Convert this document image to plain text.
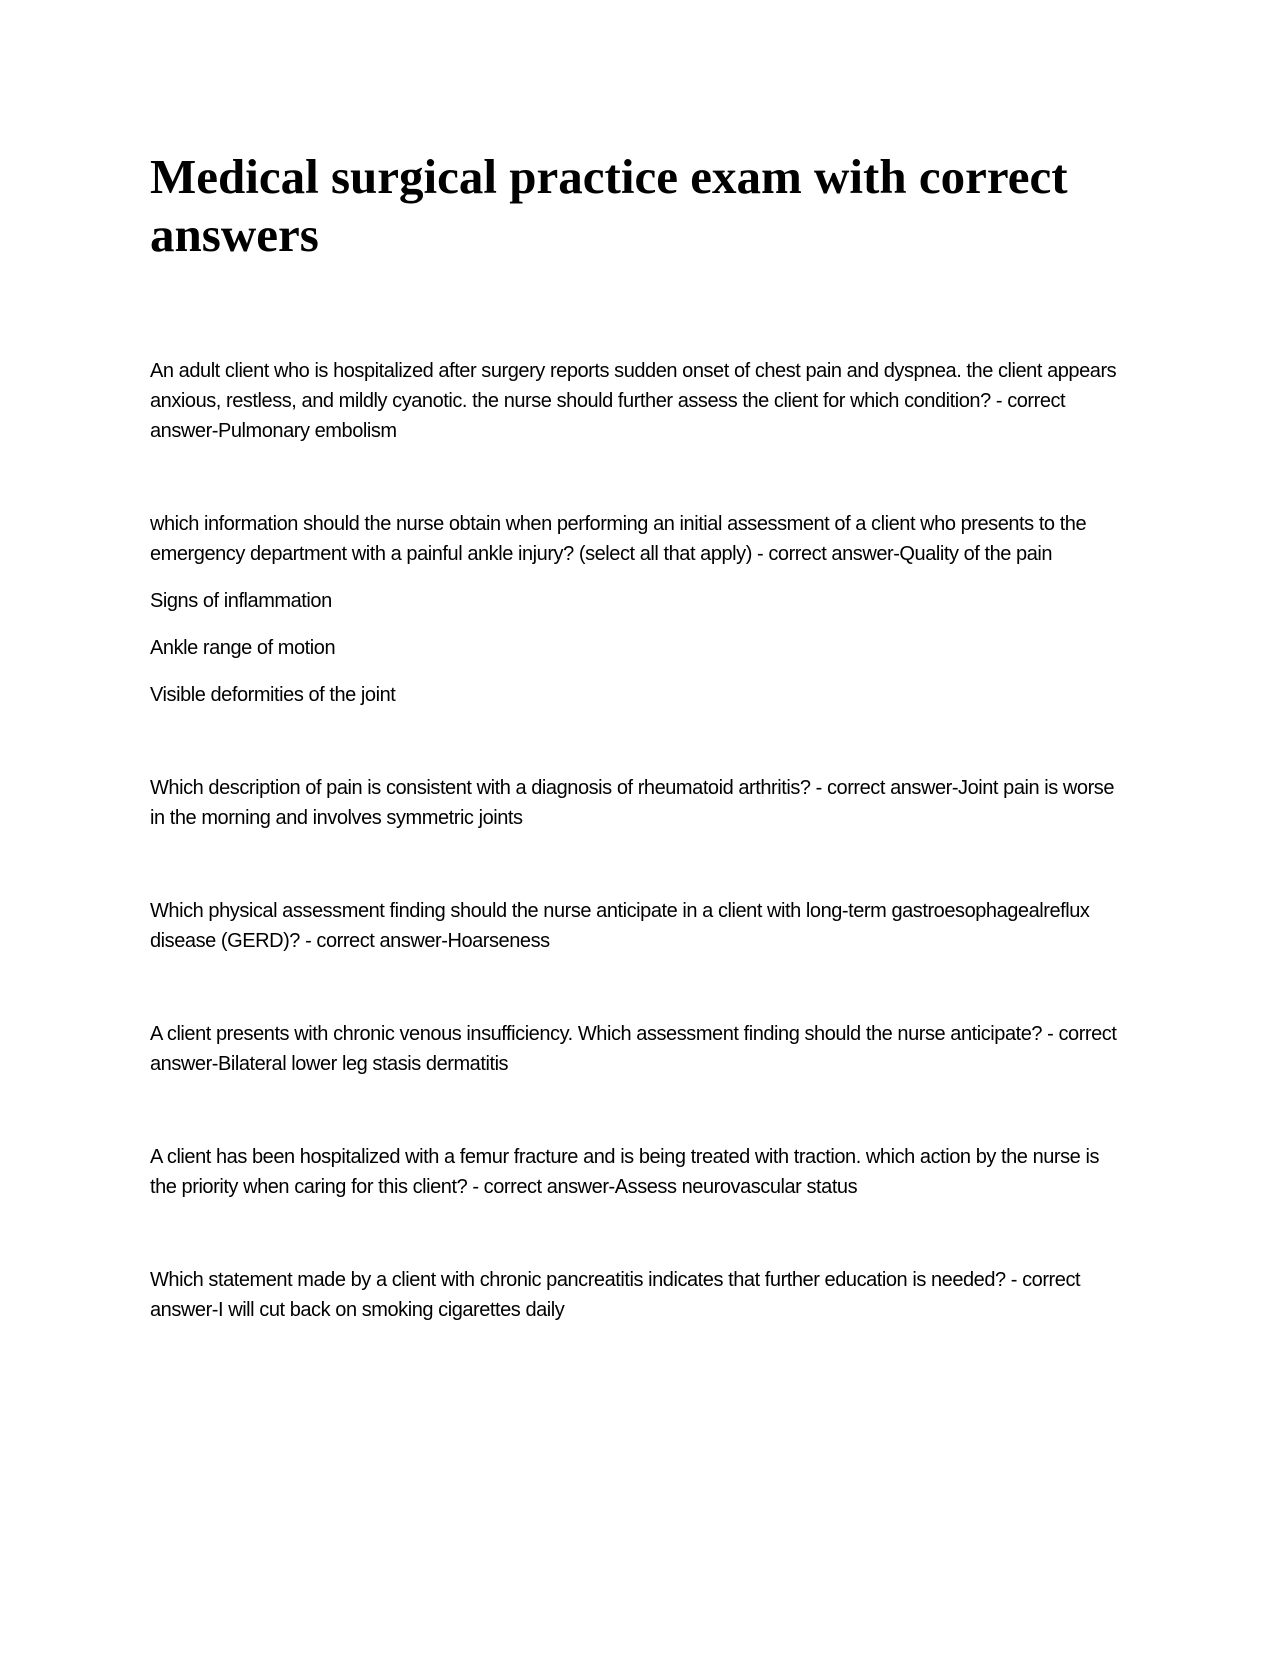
Medical surgical practice exam with correct answers

An adult client who is hospitalized after surgery reports sudden onset of chest pain and dyspnea. the client appears anxious, restless, and mildly cyanotic. the nurse should further assess the client for which condition? - correct answer-Pulmonary embolism

which information should the nurse obtain when performing an initial assessment of a client who presents to the emergency department with a painful ankle injury? (select all that apply) - correct answer-Quality of the pain

Signs of inflammation
Ankle range of motion
Visible deformities of the joint

Which description of pain is consistent with a diagnosis of rheumatoid arthritis? - correct answer-Joint pain is worse in the morning and involves symmetric joints

Which physical assessment finding should the nurse anticipate in a client with long-term gastroesophagealreflux disease (GERD)? - correct answer-Hoarseness

A client presents with chronic venous insufficiency. Which assessment finding should the nurse anticipate? - correct answer-Bilateral lower leg stasis dermatitis

A client has been hospitalized with a femur fracture and is being treated with traction. which action by the nurse is the priority when caring for this client? - correct answer-Assess neurovascular status

Which statement made by a client with chronic pancreatitis indicates that further education is needed? - correct answer-I will cut back on smoking cigarettes daily
